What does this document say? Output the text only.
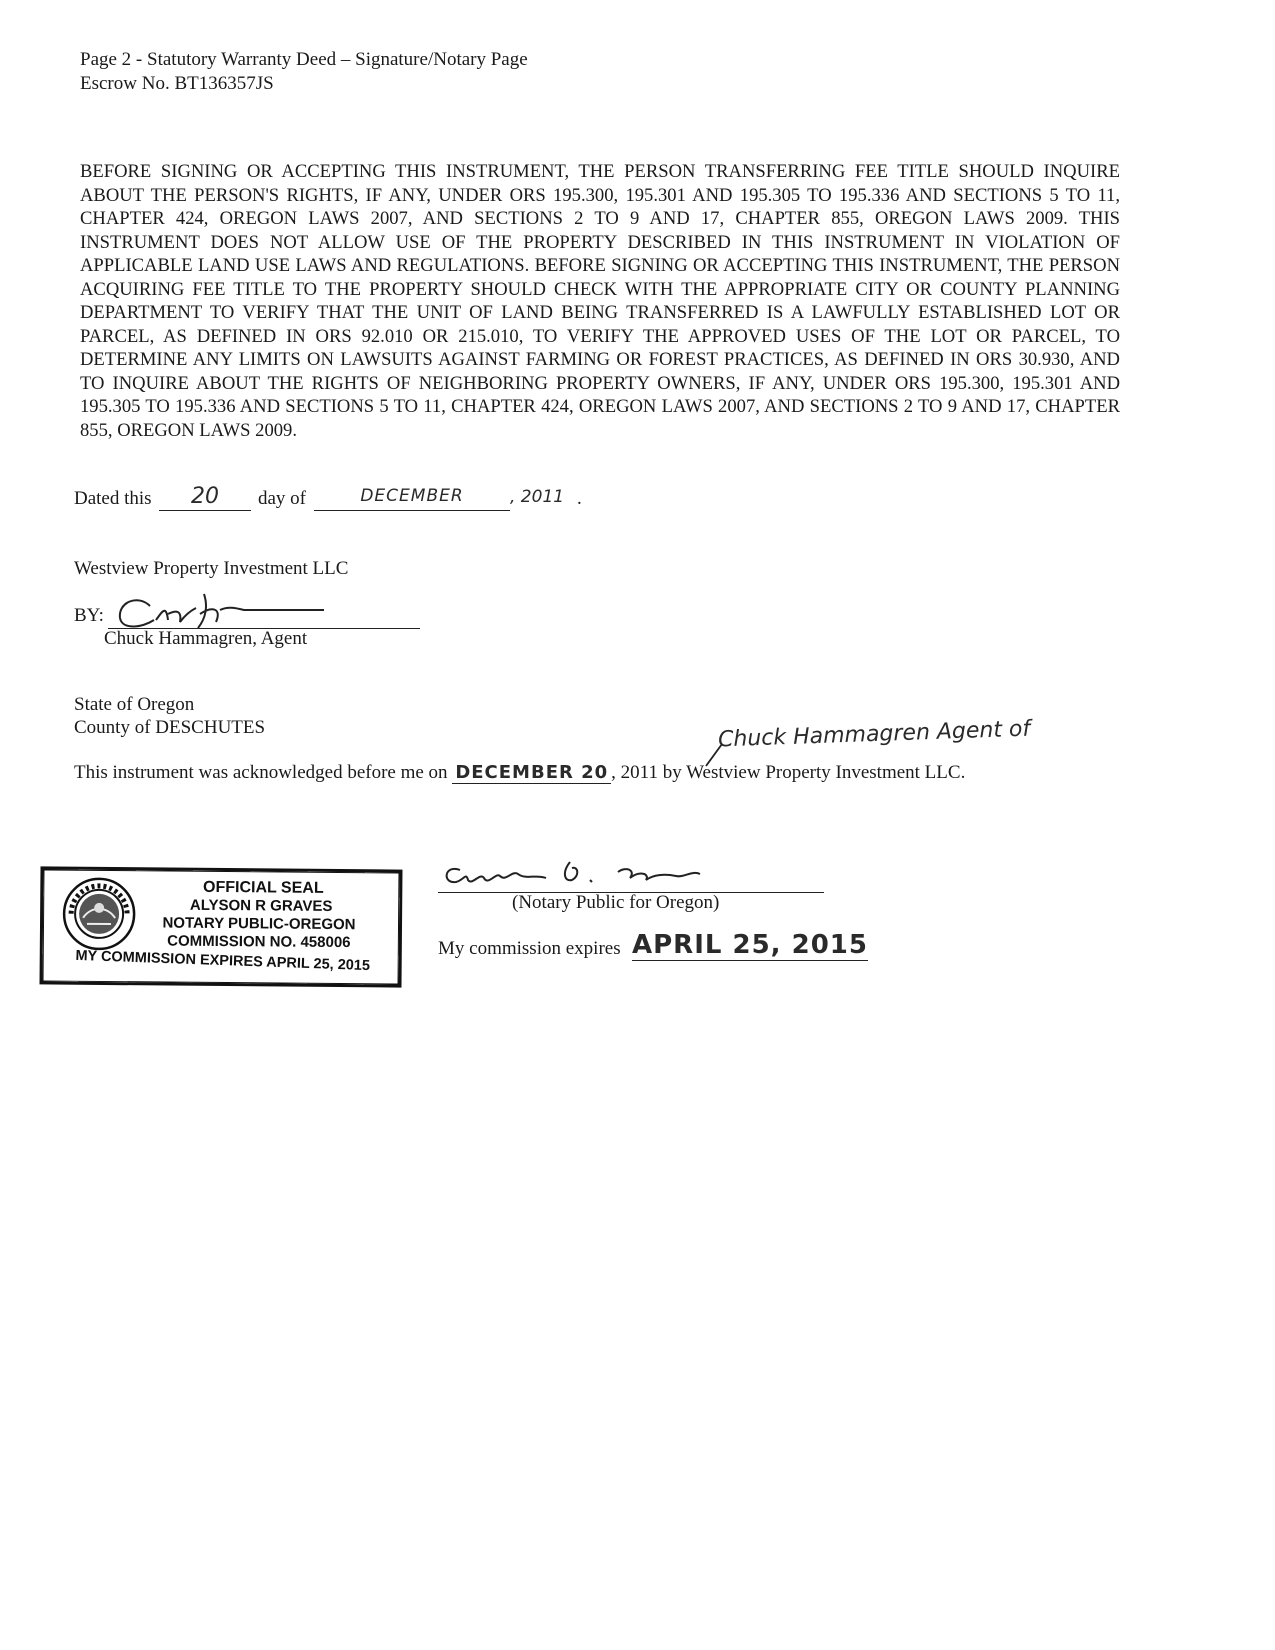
Page 2 - Statutory Warranty Deed – Signature/Notary Page
Escrow No. BT136357JS
BEFORE SIGNING OR ACCEPTING THIS INSTRUMENT, THE PERSON TRANSFERRING FEE TITLE SHOULD INQUIRE ABOUT THE PERSON'S RIGHTS, IF ANY, UNDER ORS 195.300, 195.301 AND 195.305 TO 195.336 AND SECTIONS 5 TO 11, CHAPTER 424, OREGON LAWS 2007, AND SECTIONS 2 TO 9 AND 17, CHAPTER 855, OREGON LAWS 2009. THIS INSTRUMENT DOES NOT ALLOW USE OF THE PROPERTY DESCRIBED IN THIS INSTRUMENT IN VIOLATION OF APPLICABLE LAND USE LAWS AND REGULATIONS. BEFORE SIGNING OR ACCEPTING THIS INSTRUMENT, THE PERSON ACQUIRING FEE TITLE TO THE PROPERTY SHOULD CHECK WITH THE APPROPRIATE CITY OR COUNTY PLANNING DEPARTMENT TO VERIFY THAT THE UNIT OF LAND BEING TRANSFERRED IS A LAWFULLY ESTABLISHED LOT OR PARCEL, AS DEFINED IN ORS 92.010 OR 215.010, TO VERIFY THE APPROVED USES OF THE LOT OR PARCEL, TO DETERMINE ANY LIMITS ON LAWSUITS AGAINST FARMING OR FOREST PRACTICES, AS DEFINED IN ORS 30.930, AND TO INQUIRE ABOUT THE RIGHTS OF NEIGHBORING PROPERTY OWNERS, IF ANY, UNDER ORS 195.300, 195.301 AND 195.305 TO 195.336 AND SECTIONS 5 TO 11, CHAPTER 424, OREGON LAWS 2007, AND SECTIONS 2 TO 9 AND 17, CHAPTER 855, OREGON LAWS 2009.
Dated this	20	day of	DECEMBER	, 2011 .
Westview Property Investment LLC
BY:
Chuck Hammagren, Agent
State of Oregon
County of DESCHUTES	Chuck Hammagren Agent of
This instrument was acknowledged before me on DECEMBER 20 , 2011 by Westview Property Investment LLC.
OFFICIAL SEAL
ALYSON R GRAVES
NOTARY PUBLIC-OREGON
COMMISSION NO. 458006
MY COMMISSION EXPIRES APRIL 25, 2015
(Notary Public for Oregon)
My commission expires APRIL 25, 2015
